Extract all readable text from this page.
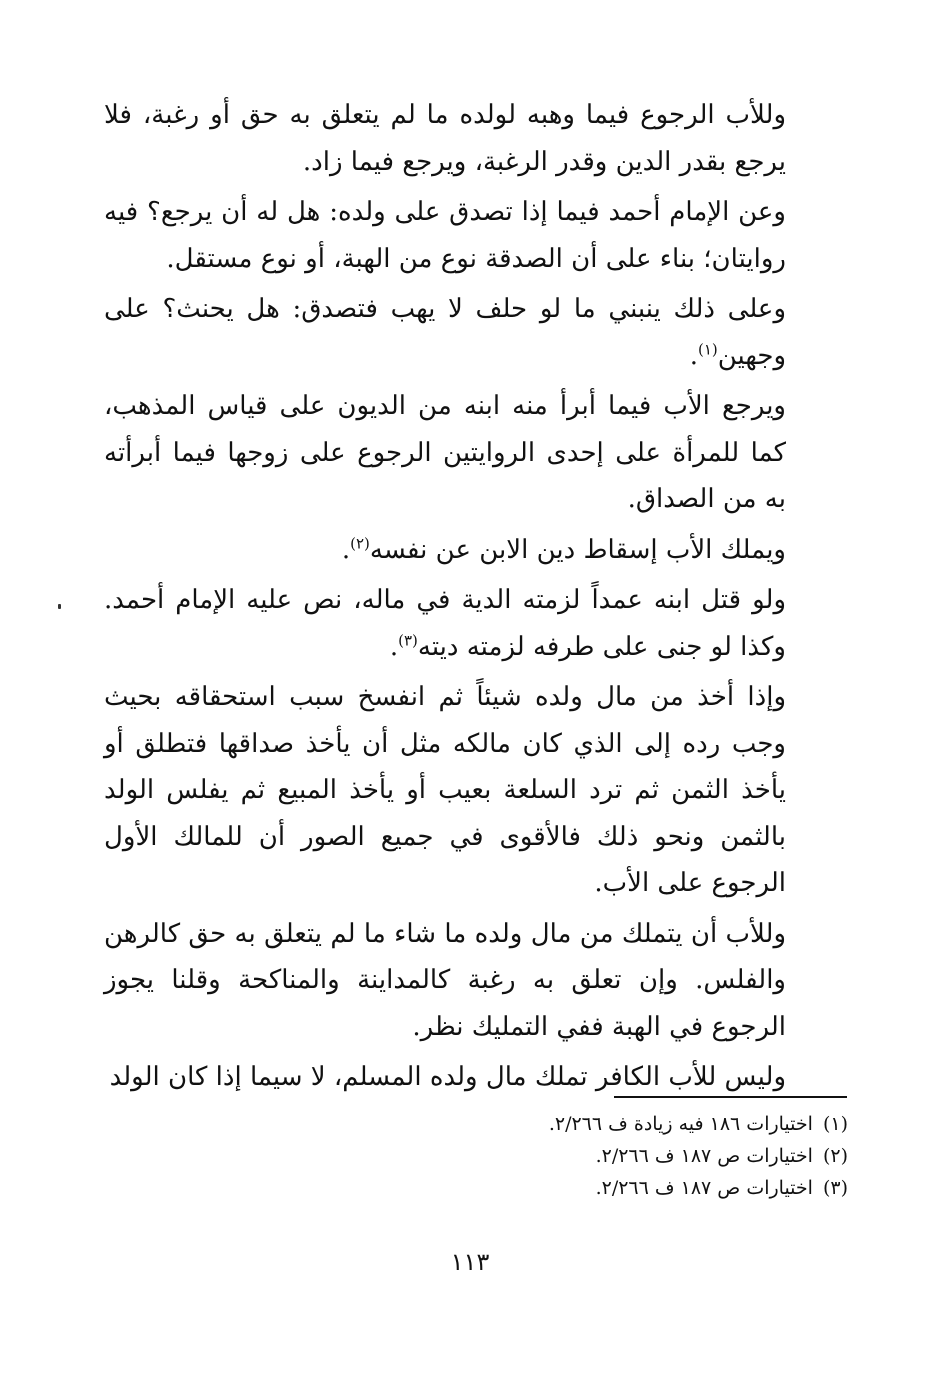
وللأب الرجوع فيما وهبه لولده ما لم يتعلق به حق أو رغبة، فلا يرجع بقدر الدين وقدر الرغبة، ويرجع فيما زاد.

وعن الإمام أحمد فيما إذا تصدق على ولده: هل له أن يرجع؟ فيه روايتان؛ بناء على أن الصدقة نوع من الهبة، أو نوع مستقل.

وعلى ذلك ينبني ما لو حلف لا يهب فتصدق: هل يحنث؟ على وجهين$^{(١)}$.

ويرجع الأب فيما أبرأ منه ابنه من الديون على قياس المذهب، كما للمرأة على إحدى الروايتين الرجوع على زوجها فيما أبرأته به من الصداق.

ويملك الأب إسقاط دين الابن عن نفسه$^{(٢)}$.

ولو قتل ابنه عمداً لزمته الدية في ماله، نص عليه الإمام أحمد. وكذا لو جنى على طرفه لزمته ديته$^{(٣)}$.

وإذا أخذ من مال ولده شيئاً ثم انفسخ سبب استحقاقه بحيث وجب رده إلى الذي كان مالكه مثل أن يأخذ صداقها فتطلق أو يأخذ الثمن ثم ترد السلعة بعيب أو يأخذ المبيع ثم يفلس الولد بالثمن ونحو ذلك فالأقوى في جميع الصور أن للمالك الأول الرجوع على الأب.

وللأب أن يتملك من مال ولده ما شاء ما لم يتعلق به حق كالرهن والفلس. وإن تعلق به رغبة كالمداينة والمناكحة وقلنا يجوز الرجوع في الهبة ففي التمليك نظر.

وليس للأب الكافر تملك مال ولده المسلم، لا سيما إذا كان الولد

(١)اختيارات ١٨٦ فيه زيادة ف ٢/٢٦٦.
(٢)اختيارات ص ١٨٧ ف ٢/٢٦٦.
(٣)اختيارات ص ١٨٧ ف ٢/٢٦٦.
١١٣
